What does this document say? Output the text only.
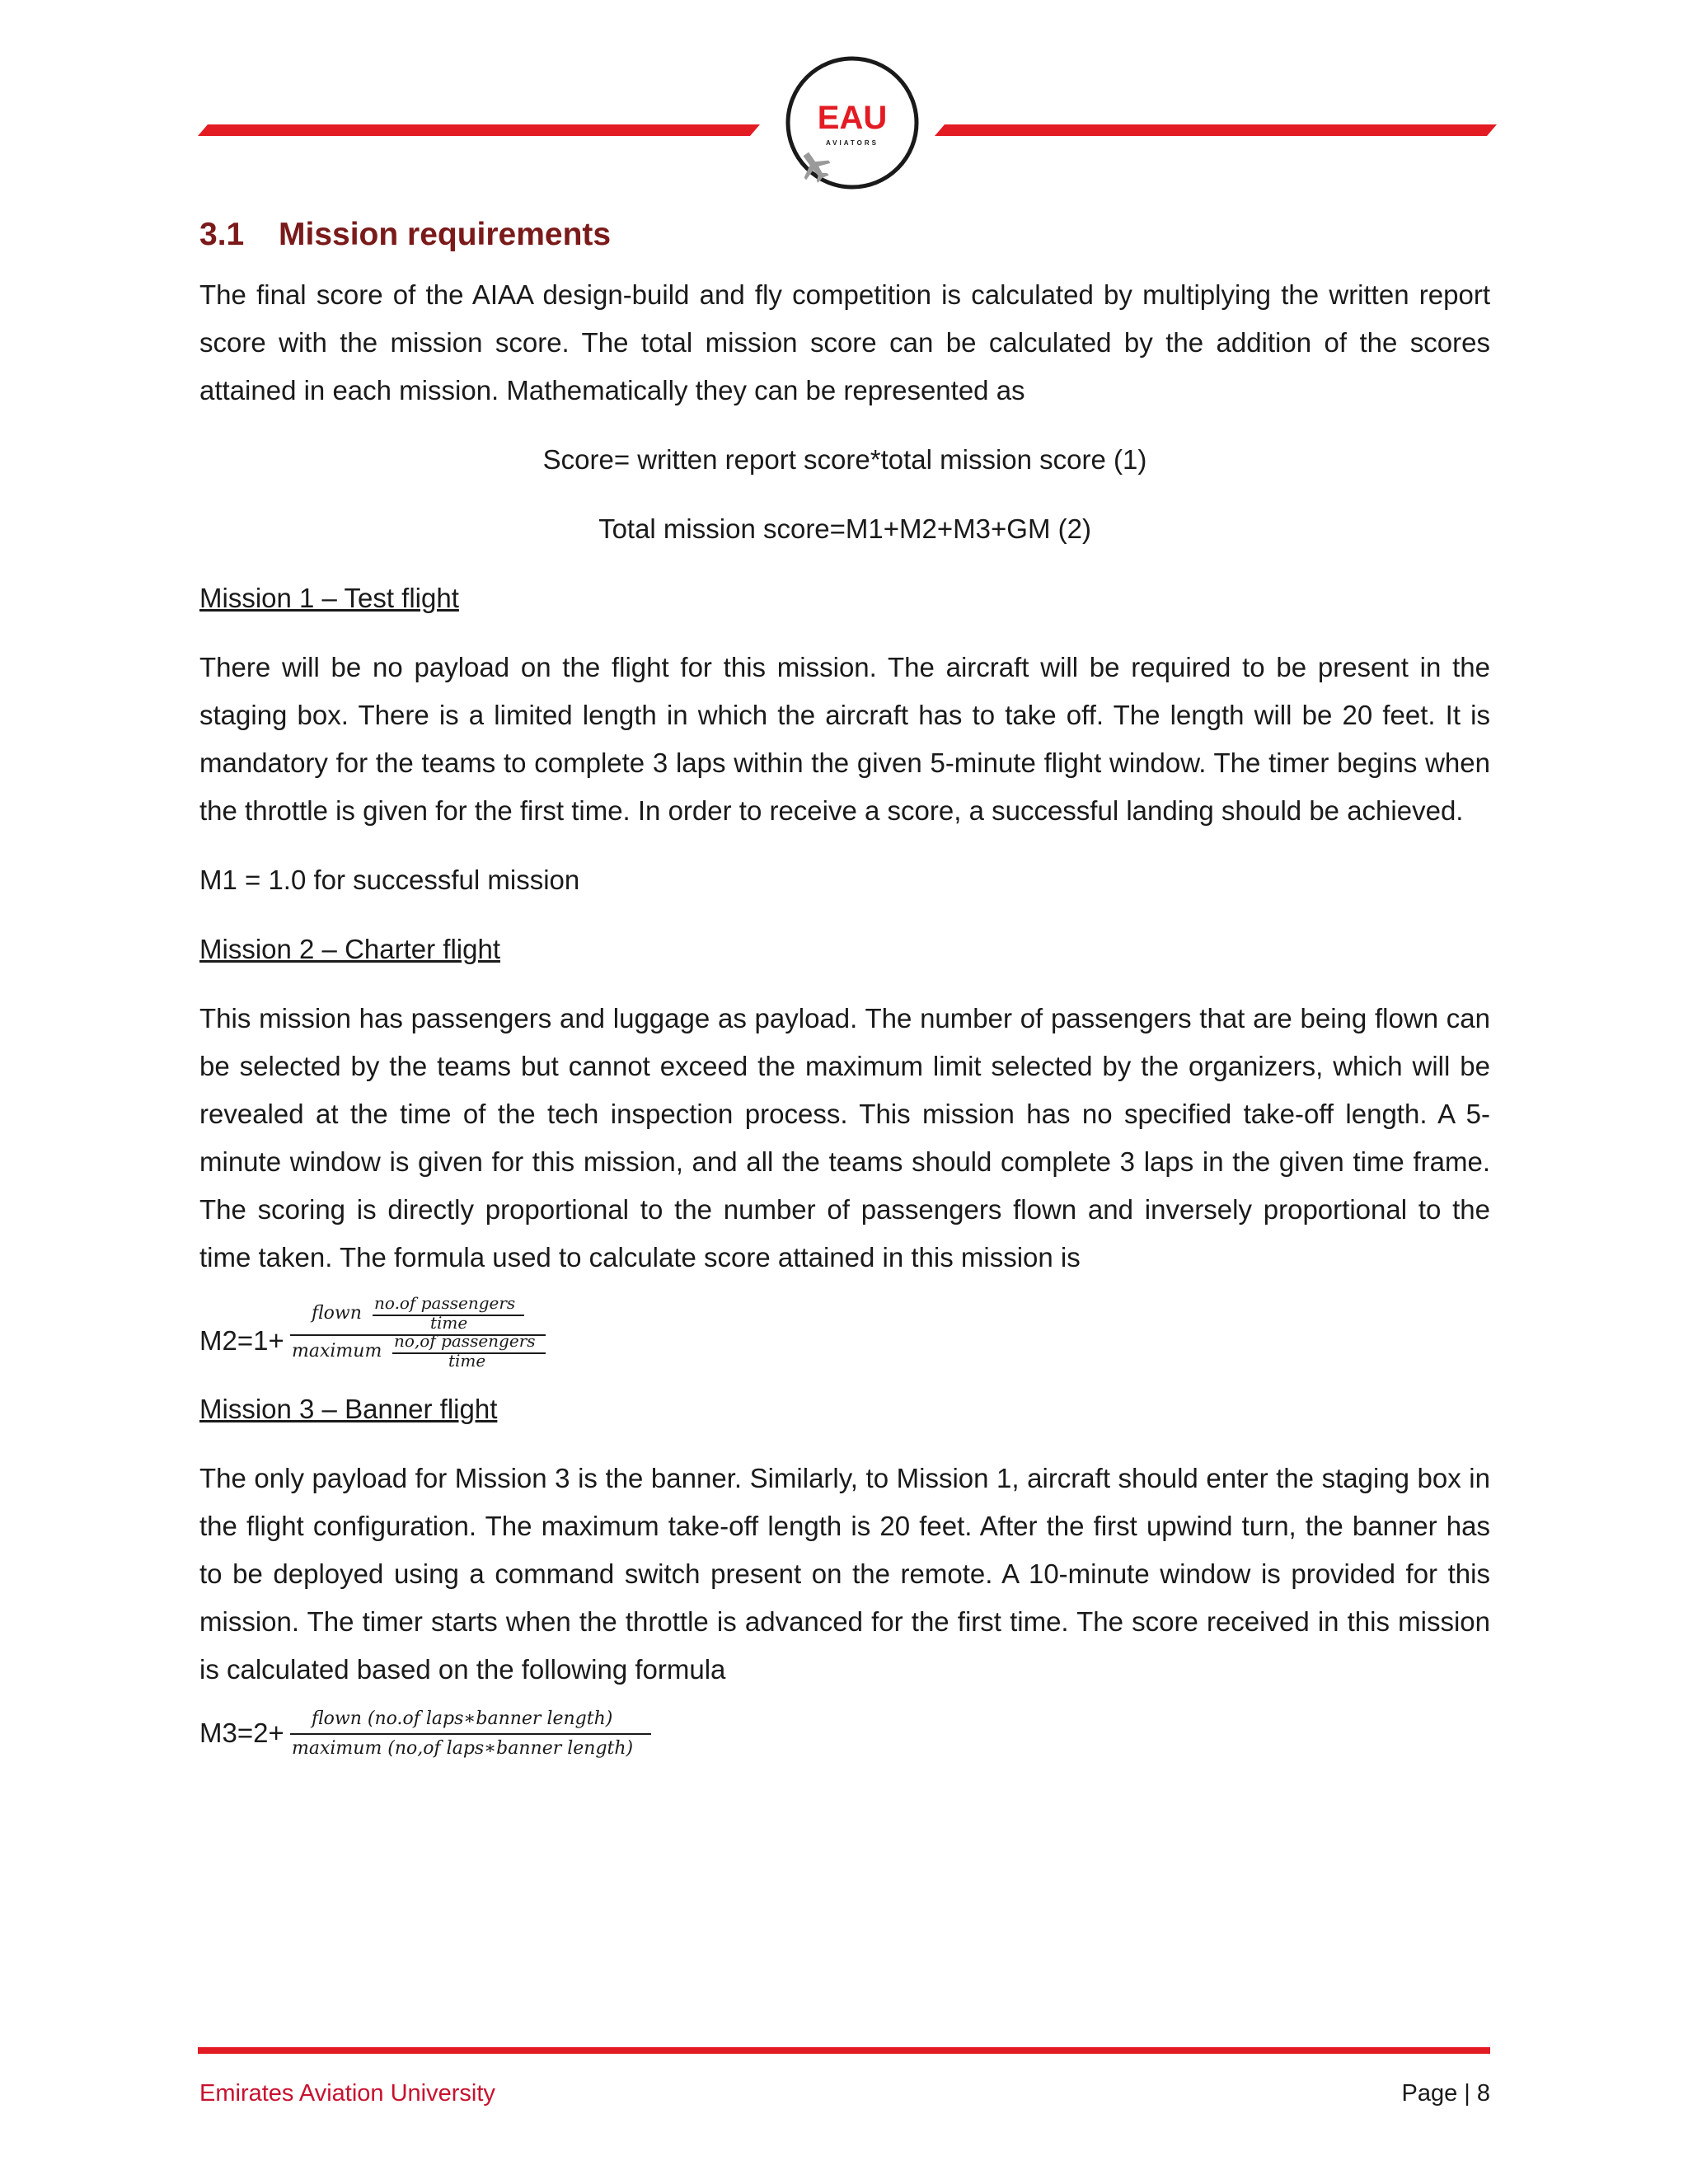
EAU
AVIATORS
3.1 Mission requirements

The final score of the AIAA design-build and fly competition is calculated by multiplying the written report score with the mission score. The total mission score can be calculated by the addition of the scores attained in each mission. Mathematically they can be represented as

Score= written report score*total mission score (1)

Total mission score=M1+M2+M3+GM (2)

Mission 1 – Test flight

There will be no payload on the flight for this mission. The aircraft will be required to be present in the staging box. There is a limited length in which the aircraft has to take off. The length will be 20 feet. It is mandatory for the teams to complete 3 laps within the given 5-minute flight window. The timer begins when the throttle is given for the first time. In order to receive a score, a successful landing should be achieved.

M1 = 1.0 for successful mission

Mission 2 – Charter flight

This mission has passengers and luggage as payload. The number of passengers that are being flown can be selected by the teams but cannot exceed the maximum limit selected by the organizers, which will be revealed at the time of the tech inspection process. This mission has no specified take-off length. A 5-minute window is given for this mission, and all the teams should complete 3 laps in the given time frame. The scoring is directly proportional to the number of passengers flown and inversely proportional to the time taken. The formula used to calculate score attained in this mission is

M2=1+
flown no.of passengers
time
maximum no,of passengers
time

Mission 3 – Banner flight

The only payload for Mission 3 is the banner. Similarly, to Mission 1, aircraft should enter the staging box in the flight configuration. The maximum take-off length is 20 feet. After the first upwind turn, the banner has to be deployed using a command switch present on the remote. A 10-minute window is provided for this mission. The timer starts when the throttle is advanced for the first time. The score received in this mission is calculated based on the following formula

M3=2+ flown (no.of laps∗banner length)
maximum (no,of laps∗banner length)
Emirates Aviation University	Page | 8
